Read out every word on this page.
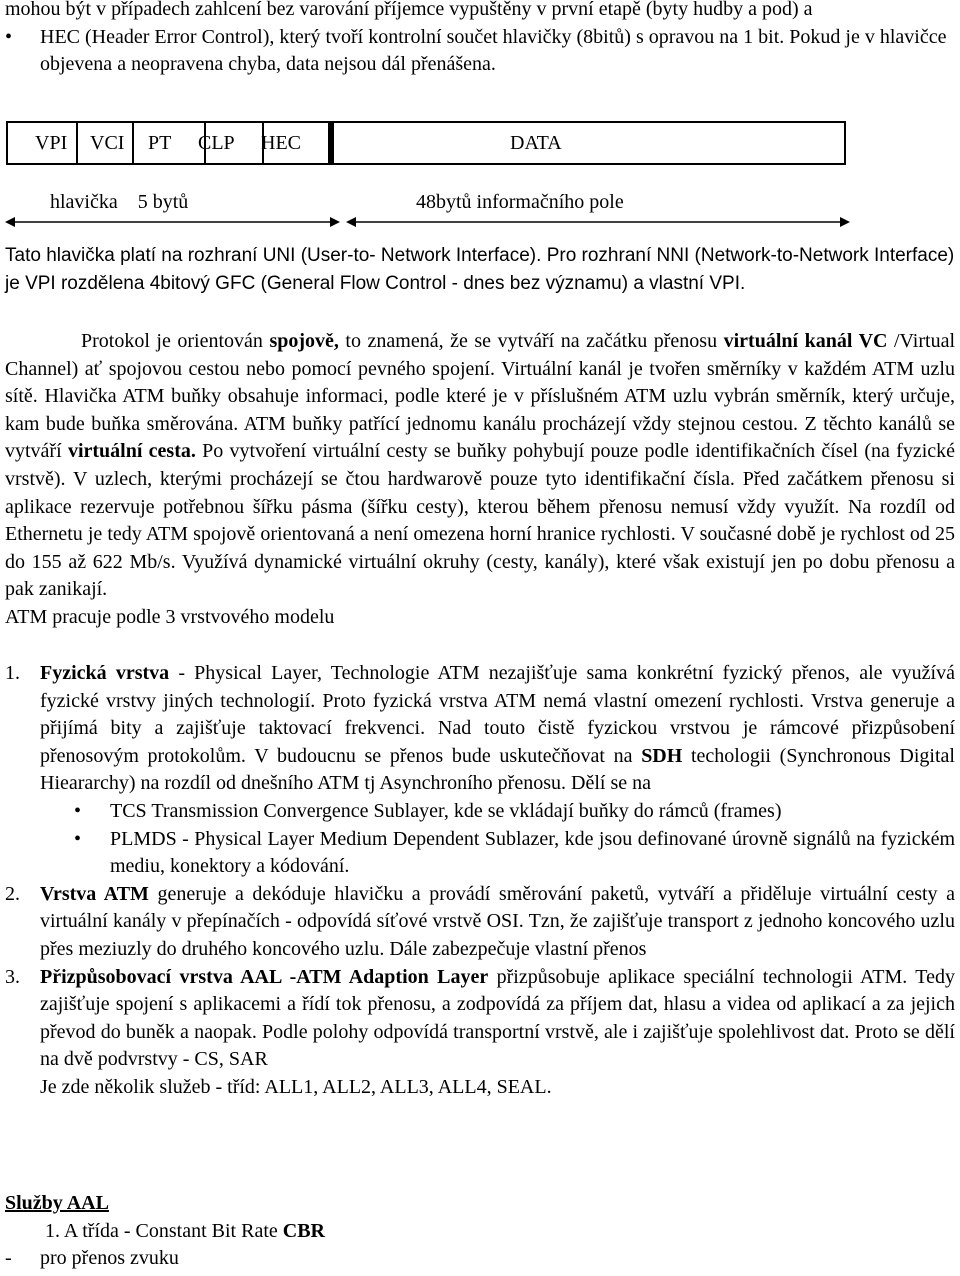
mohou být v případech zahlcení bez varování příjemce vypuštěny v první etapě (byty hudby a pod) a

• HEC (Header Error Control), který tvoří kontrolní součet hlavičky (8bitů) s opravou na 1 bit. Pokud je v hlavičce objevena a neopravena chyba, data nejsou dál přenášena.
VPI VCI PT CLP HEC	DATA
hlavička    5 bytů	48bytů informačního pole

Tato hlavička platí na rozhraní UNI (User-to- Network Interface). Pro rozhraní NNI (Network-to-Network Interface) je VPI rozdělena 4bitový GFC (General Flow Control - dnes bez významu) a vlastní VPI.

Protokol je orientován spojově, to znamená, že se vytváří na začátku přenosu virtuální kanál VC /Virtual Channel) ať spojovou cestou nebo pomocí pevného spojení. Virtuální kanál je tvořen směrníky v každém ATM uzlu sítě. Hlavička ATM buňky obsahuje informaci, podle které je v příslušném ATM uzlu vybrán směrník, který určuje, kam bude buňka směrována. ATM buňky patřící jednomu kanálu procházejí vždy stejnou cestou. Z těchto kanálů se vytváří virtuální cesta. Po vytvoření virtuální cesty se buňky pohybují pouze podle identifikačních čísel (na fyzické vrstvě). V uzlech, kterými procházejí se čtou hardwarově pouze tyto identifikační čísla. Před začátkem přenosu si aplikace rezervuje potřebnou šířku pásma (šířku cesty), kterou během přenosu nemusí vždy využít. Na rozdíl od Ethernetu je tedy ATM spojově orientovaná a není omezena horní hranice rychlosti. V současné době je rychlost od 25 do 155 až 622 Mb/s. Využívá dynamické virtuální okruhy (cesty, kanály), které však existují jen po dobu přenosu a pak zanikají.

ATM pracuje podle 3 vrstvového modelu

1. Fyzická vrstva - Physical Layer, Technologie ATM nezajišťuje sama konkrétní fyzický přenos, ale využívá fyzické vrstvy jiných technologií. Proto fyzická vrstva ATM nemá vlastní omezení rychlosti. Vrstva generuje a přijímá bity a zajišťuje taktovací frekvenci. Nad touto čistě fyzickou vrstvou je rámcové přizpůsobení přenosovým protokolům. V budoucnu se přenos bude uskutečňovat na SDH techologii (Synchronous Digital Hieararchy) na rozdíl od dnešního ATM tj Asynchroního přenosu. Dělí se na
• TCS Transmission Convergence Sublayer, kde se vkládají buňky do rámců (frames)
• PLMDS - Physical Layer Medium Dependent Sublazer, kde jsou definované úrovně signálů na fyzickém mediu, konektory a kódování.
2. Vrstva ATM generuje a dekóduje hlavičku a provádí směrování paketů, vytváří a přiděluje virtuální cesty a virtuální kanály v přepínačích - odpovídá síťové vrstvě OSI. Tzn, že zajišťuje transport z jednoho koncového uzlu přes meziuzly do druhého koncového uzlu. Dále zabezpečuje vlastní přenos
3. Přizpůsobovací vrstva AAL -ATM Adaption Layer přizpůsobuje aplikace speciální technologii ATM. Tedy zajišťuje spojení s aplikacemi a řídí tok přenosu, a zodpovídá za příjem dat, hlasu a videa od aplikací a za jejich převod do buněk a naopak. Podle polohy odpovídá transportní vrstvě, ale i zajišťuje spolehlivost dat. Proto se dělí na dvě podvrstvy - CS, SAR
Je zde několik služeb - tříd: ALL1, ALL2, ALL3, ALL4, SEAL.

Služby AAL

1. A třída - Constant Bit Rate CBR

- pro přenos zvuku
